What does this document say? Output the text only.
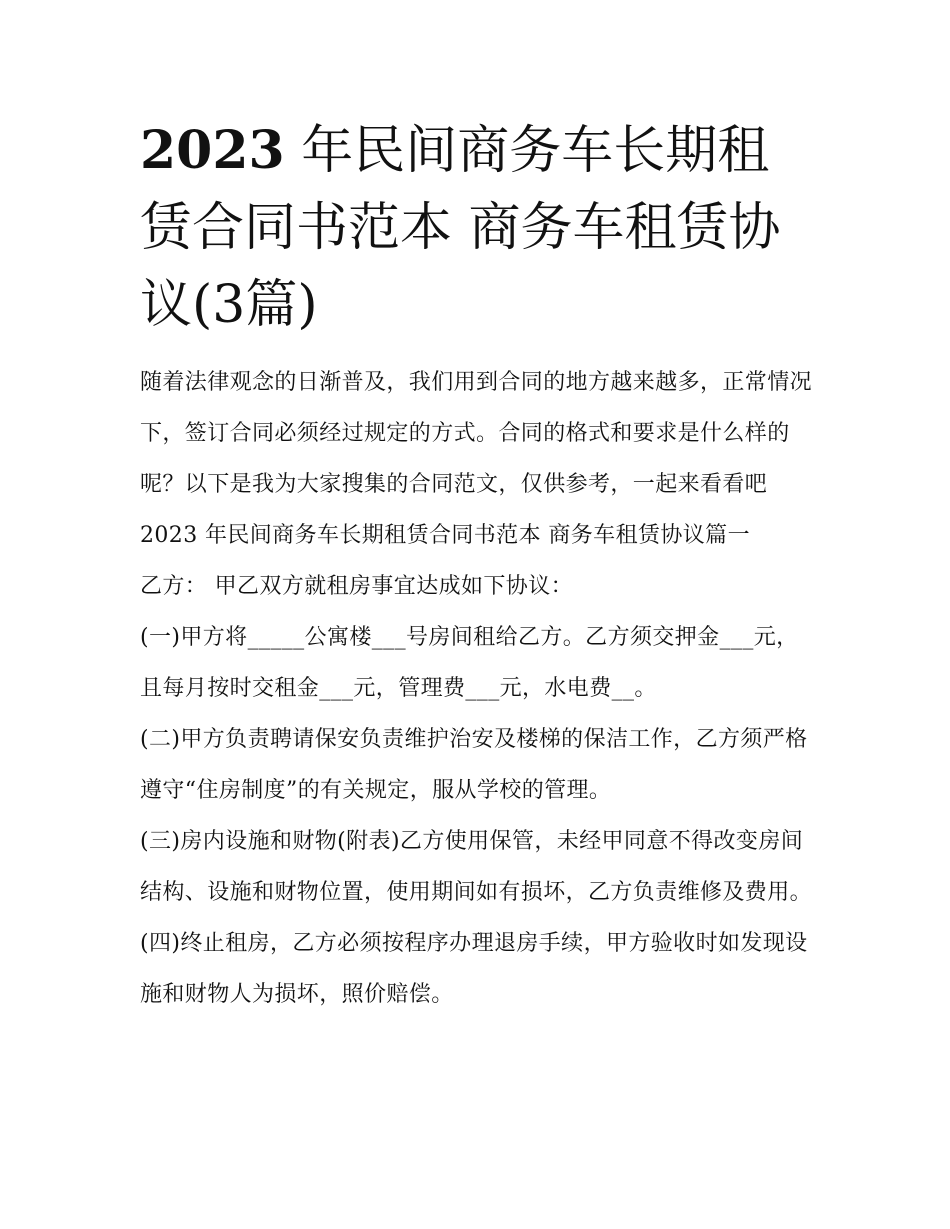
2023 年民间商务车长期租赁合同书范本 商务车租赁协议(3篇)

随着法律观念的日渐普及，我们用到合同的地方越来越多，正常情况下，签订合同必须经过规定的方式。合同的格式和要求是什么样的呢？以下是我为大家搜集的合同范文，仅供参考，一起来看看吧

2023 年民间商务车长期租赁合同书范本 商务车租赁协议篇一

乙方： 甲乙双方就租房事宜达成如下协议：

(一)甲方将_____公寓楼___号房间租给乙方。乙方须交押金___元，且每月按时交租金___元，管理费___元，水电费__。

(二)甲方负责聘请保安负责维护治安及楼梯的保洁工作，乙方须严格遵守“住房制度”的有关规定，服从学校的管理。

(三)房内设施和财物(附表)乙方使用保管，未经甲同意不得改变房间结构、设施和财物位置，使用期间如有损坏，乙方负责维修及费用。

(四)终止租房，乙方必须按程序办理退房手续，甲方验收时如发现设施和财物人为损坏，照价赔偿。
